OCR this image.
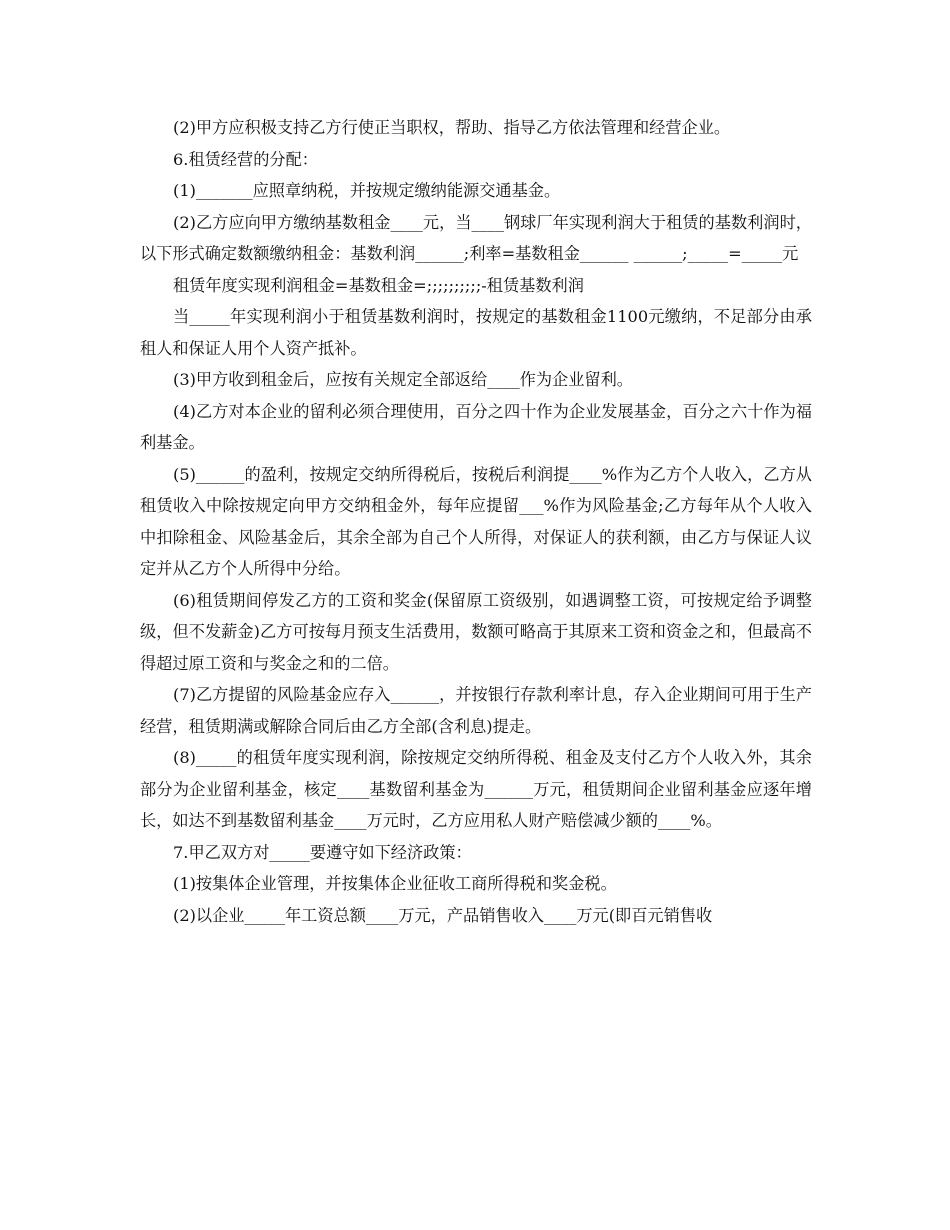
(2)甲方应积极支持乙方行使正当职权，帮助、指导乙方依法管理和经营企业。

6.租赁经营的分配：

(1)_______应照章纳税，并按规定缴纳能源交通基金。

(2)乙方应向甲方缴纳基数租金____元，当____钢球厂年实现利润大于租赁的基数利润时，以下形式确定数额缴纳租金：基数利润______;利率=基数租金______ ______;_____=_____元

租赁年度实现利润租金=基数租金=;;;;;;;;;;-租赁基数利润

当_____年实现利润小于租赁基数利润时，按规定的基数租金1100元缴纳，不足部分由承租人和保证人用个人资产抵补。

(3)甲方收到租金后，应按有关规定全部返给____作为企业留利。

(4)乙方对本企业的留利必须合理使用，百分之四十作为企业发展基金，百分之六十作为福利基金。

(5)______的盈利，按规定交纳所得税后，按税后利润提____%作为乙方个人收入，乙方从租赁收入中除按规定向甲方交纳租金外，每年应提留___%作为风险基金;乙方每年从个人收入中扣除租金、风险基金后，其余全部为自己个人所得，对保证人的获利额，由乙方与保证人议定并从乙方个人所得中分给。

(6)租赁期间停发乙方的工资和奖金(保留原工资级别，如遇调整工资，可按规定给予调整级，但不发薪金)乙方可按每月预支生活费用，数额可略高于其原来工资和资金之和，但最高不得超过原工资和与奖金之和的二倍。

(7)乙方提留的风险基金应存入______，并按银行存款利率计息，存入企业期间可用于生产经营，租赁期满或解除合同后由乙方全部(含利息)提走。

(8)_____的租赁年度实现利润，除按规定交纳所得税、租金及支付乙方个人收入外，其余部分为企业留利基金，核定____基数留利基金为______万元，租赁期间企业留利基金应逐年增长，如达不到基数留利基金____万元时，乙方应用私人财产赔偿减少额的____%。

7.甲乙双方对_____要遵守如下经济政策：

(1)按集体企业管理，并按集体企业征收工商所得税和奖金税。

(2)以企业_____年工资总额____万元，产品销售收入____万元(即百元销售收
